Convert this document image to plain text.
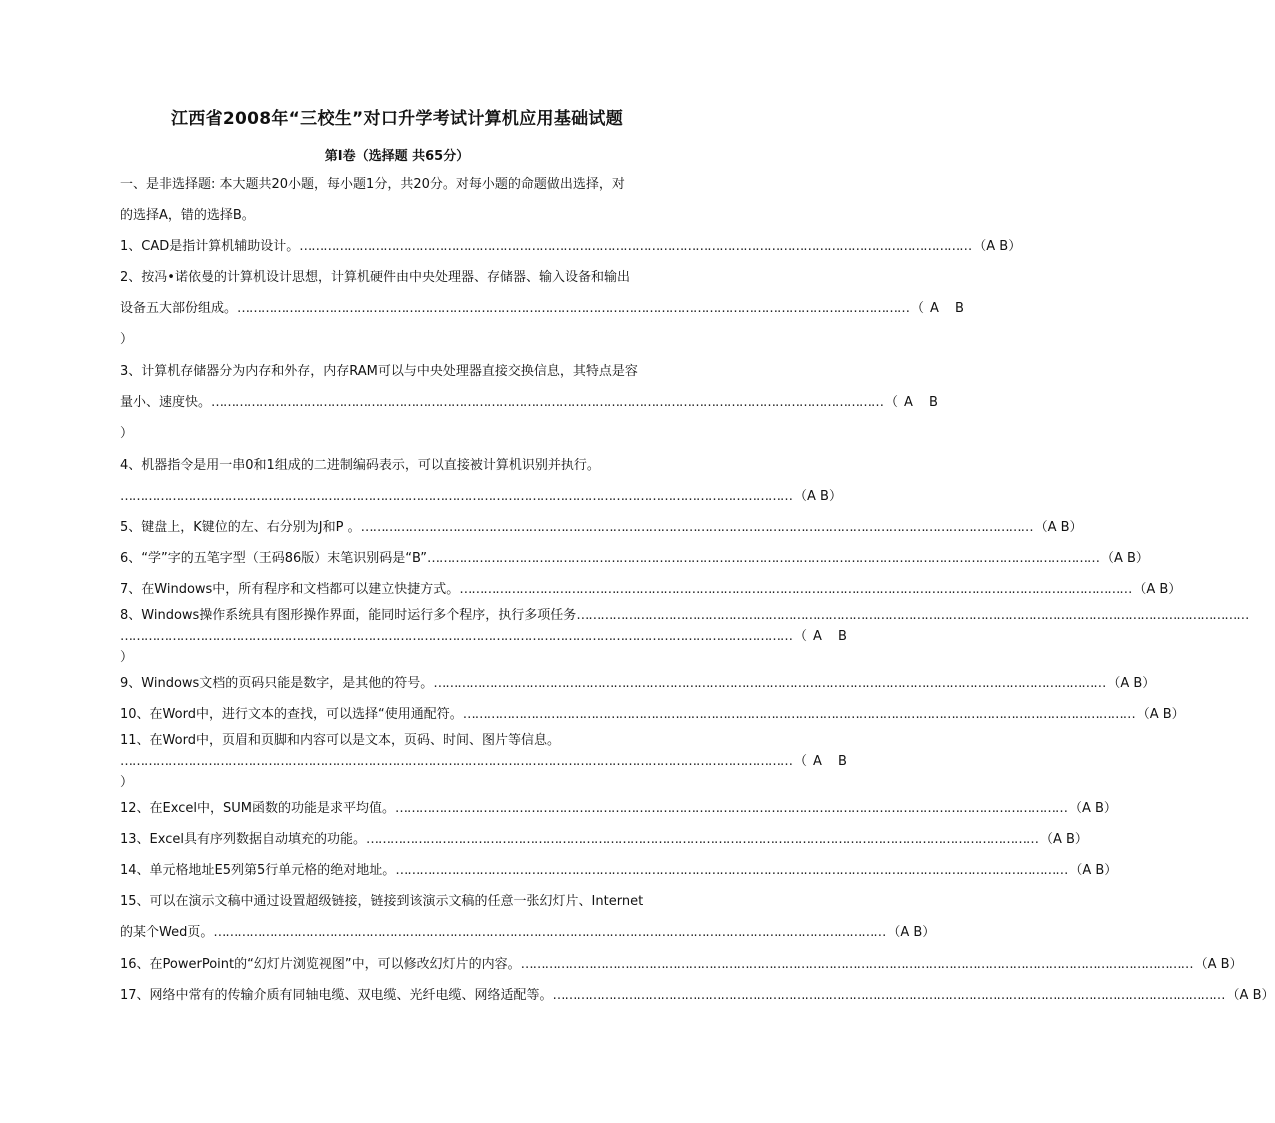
江西省2008年“三校生”对口升学考试计算机应用基础试题
第Ⅰ卷（选择题 共65分）
一、是非选择题: 本大题共20小题，每小题1分，共20分。对每小题的命题做出选择，对
的选择A，错的选择B。
1、CAD是指计算机辅助设计。 …………………………………………………………………………………………………………………………………………………… （A B）
2、按冯•诺依曼的计算机设计思想，计算机硬件由中央处理器、存储器、输入设备和输出
设备五大部份组成。 …………………………………………………………………………………………………………………………………………………… （A B
）
3、计算机存储器分为内存和外存，内存RAM可以与中央处理器直接交换信息，其特点是容
量小、速度快。 …………………………………………………………………………………………………………………………………………………… （A B
）
4、机器指令是用一串0和1组成的二进制编码表示，可以直接被计算机识别并执行。
…………………………………………………………………………………………………………………………………………………… （A B）
5、键盘上，K键位的左、右分别为J和P 。 …………………………………………………………………………………………………………………………………………………… （A B）
6、“学”字的五笔字型（王码86版）末笔识别码是“B” …………………………………………………………………………………………………………………………………………………… （A B）
7、在Windows中，所有程序和文档都可以建立快捷方式。 …………………………………………………………………………………………………………………………………………………… （A B）
8、Windows操作系统具有图形操作界面，能同时运行多个程序，执行多项任务 ……………………………………………………………………………………………………………………………………………………
…………………………………………………………………………………………………………………………………………………… （A B
）
9、Windows文档的页码只能是数字，是其他的符号。 …………………………………………………………………………………………………………………………………………………… （A B）
10、在Word中，进行文本的查找，可以选择“使用通配符。 …………………………………………………………………………………………………………………………………………………… （A B）
11、在Word中，页眉和页脚和内容可以是文本，页码、时间、图片等信息。
…………………………………………………………………………………………………………………………………………………… （A B
）
12、在Excel中，SUM函数的功能是求平均值。 …………………………………………………………………………………………………………………………………………………… （A B）
13、Excel具有序列数据自动填充的功能。 …………………………………………………………………………………………………………………………………………………… （A B）
14、单元格地址E5列第5行单元格的绝对地址。 …………………………………………………………………………………………………………………………………………………… （A B）
15、可以在演示文稿中通过设置超级链接，链接到该演示文稿的任意一张幻灯片、Internet
的某个Wed页。 …………………………………………………………………………………………………………………………………………………… （A B）
16、在PowerPoint的“幻灯片浏览视图”中，可以修改幻灯片的内容。 …………………………………………………………………………………………………………………………………………………… （A B）
17、网络中常有的传输介质有同轴电缆、双电缆、光纤电缆、网络适配等。 …………………………………………………………………………………………………………………………………………………… （A B）
